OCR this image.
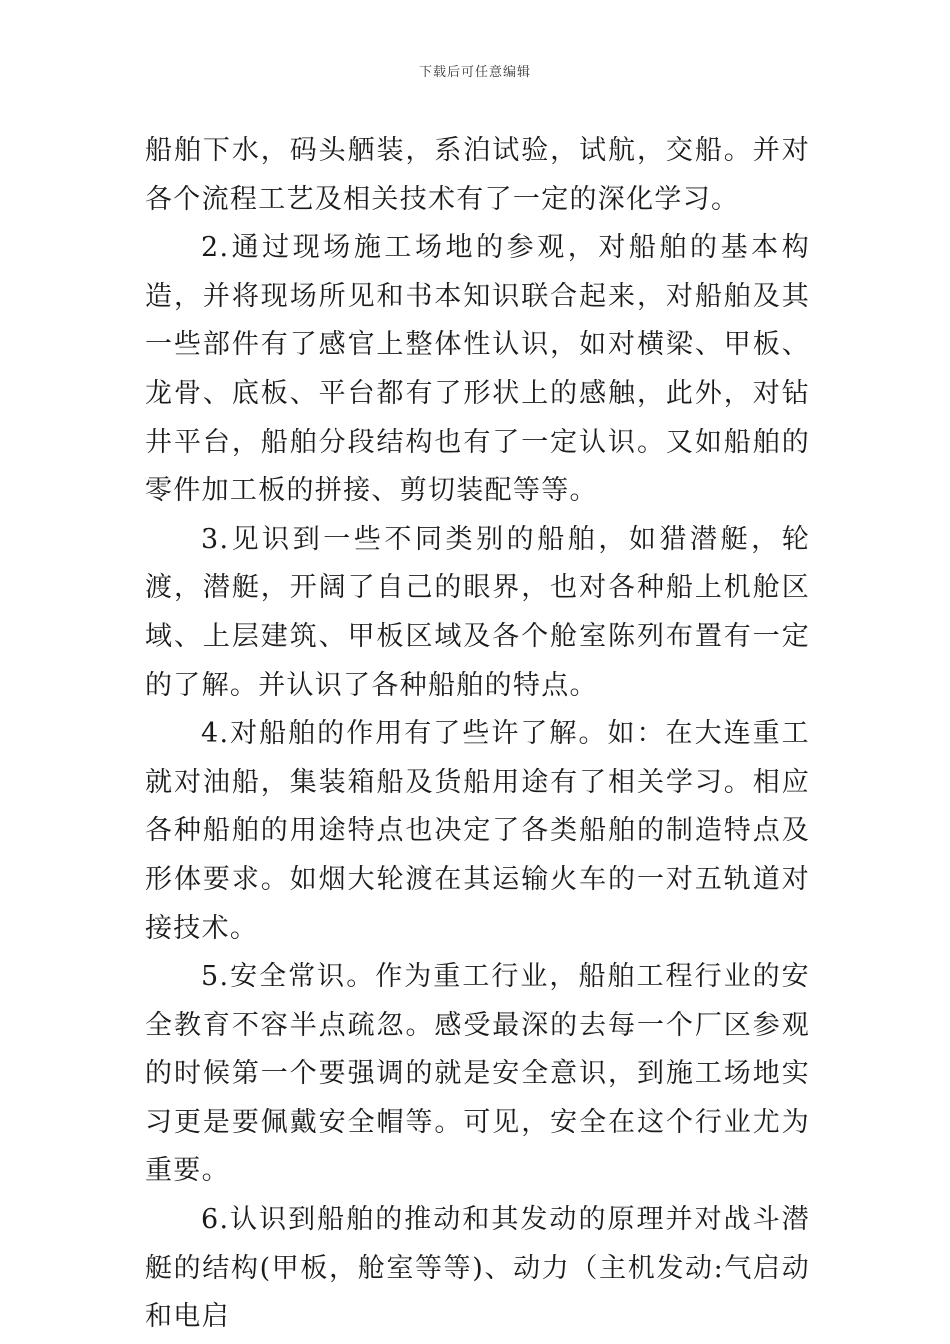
下载后可任意编辑

船舶下水，码头舾装，系泊试验，试航，交船。并对各个流程工艺及相关技术有了一定的深化学习。

2.通过现场施工场地的参观，对船舶的基本构造，并将现场所见和书本知识联合起来，对船舶及其一些部件有了感官上整体性认识，如对横梁、甲板、龙骨、底板、平台都有了形状上的感触，此外，对钻井平台，船舶分段结构也有了一定认识。又如船舶的零件加工板的拼接、剪切装配等等。

3.见识到一些不同类别的船舶，如猎潜艇，轮渡，潜艇，开阔了自己的眼界，也对各种船上机舱区域、上层建筑、甲板区域及各个舱室陈列布置有一定的了解。并认识了各种船舶的特点。

4.对船舶的作用有了些许了解。如：在大连重工就对油船，集装箱船及货船用途有了相关学习。相应各种船舶的用途特点也决定了各类船舶的制造特点及形体要求。如烟大轮渡在其运输火车的一对五轨道对接技术。

5.安全常识。作为重工行业，船舶工程行业的安全教育不容半点疏忽。感受最深的去每一个厂区参观的时候第一个要强调的就是安全意识，到施工场地实习更是要佩戴安全帽等。可见，安全在这个行业尤为重要。

6.认识到船舶的推动和其发动的原理并对战斗潜艇的结构(甲板，舱室等等)、动力（主机发动:气启动和电启
